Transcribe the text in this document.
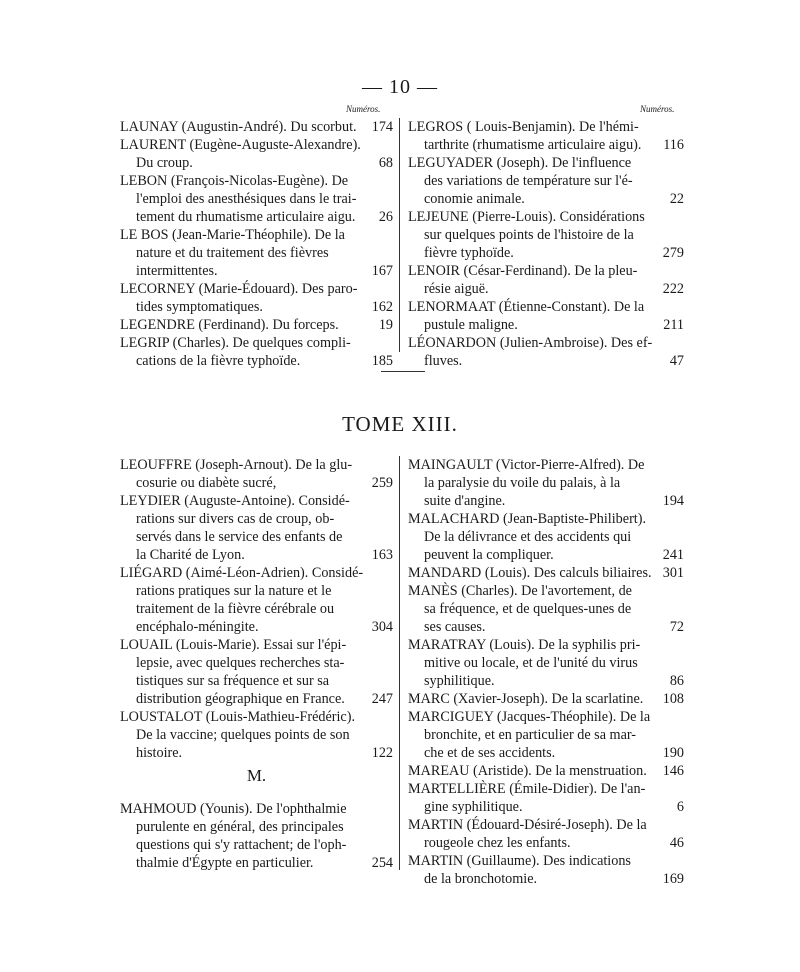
— 10 —
Numéros.	Numéros.
LAUNAY (Augustin-André). Du scorbut.	174
LAURENT (Eugène-Auguste-Alexandre).
Du croup.	68
LEBON (François-Nicolas-Eugène). De
l'emploi des anesthésiques dans le trai-
tement du rhumatisme articulaire aigu.	26
LE BOS (Jean-Marie-Théophile). De la
nature et du traitement des fièvres
intermittentes.	167
LECORNEY (Marie-Édouard). Des paro-
tides symptomatiques.	162
LEGENDRE (Ferdinand). Du forceps.	19
LEGRIP (Charles). De quelques compli-
cations de la fièvre typhoïde.	185
LEGROS ( Louis-Benjamin). De l'hémi-
tarthrite (rhumatisme articulaire aigu).	116
LEGUYADER (Joseph). De l'influence
des variations de température sur l'é-
conomie animale.	22
LEJEUNE (Pierre-Louis). Considérations
sur quelques points de l'histoire de la
fièvre typhoïde.	279
LENOIR (César-Ferdinand). De la pleu-
résie aiguë.	222
LENORMAAT (Étienne-Constant). De la
pustule maligne.	211
LÉONARDON (Julien-Ambroise). Des ef-
fluves.	47
TOME XIII.
LEOUFFRE (Joseph-Arnout). De la glu-
cosurie ou diabète sucré,	259
LEYDIER (Auguste-Antoine). Considé-
rations sur divers cas de croup, ob-
servés dans le service des enfants de
la Charité de Lyon.	163
LIÉGARD (Aimé-Léon-Adrien). Considé-
rations pratiques sur la nature et le
traitement de la fièvre cérébrale ou
encéphalo-méningite.	304
LOUAIL (Louis-Marie). Essai sur l'épi-
lepsie, avec quelques recherches sta-
tistiques sur sa fréquence et sur sa
distribution géographique en France.	247
LOUSTALOT (Louis-Mathieu-Frédéric).
De la vaccine; quelques points de son
histoire.	122
M.
MAHMOUD (Younis). De l'ophthalmie
purulente en général, des principales
questions qui s'y rattachent; de l'oph-
thalmie d'Égypte en particulier.	254
MAINGAULT (Victor-Pierre-Alfred). De
la paralysie du voile du palais, à la
suite d'angine.	194
MALACHARD (Jean-Baptiste-Philibert).
De la délivrance et des accidents qui
peuvent la compliquer.	241
MANDARD (Louis). Des calculs biliaires. 301
MANÈS (Charles). De l'avortement, de
sa fréquence, et de quelques-unes de
ses causes.	72
MARATRAY (Louis). De la syphilis pri-
mitive ou locale, et de l'unité du virus
syphilitique.	86
MARC (Xavier-Joseph). De la scarlatine.	108
MARCIGUEY (Jacques-Théophile). De la
bronchite, et en particulier de sa mar-
che et de ses accidents.	190
MAREAU (Aristide). De la menstruation.	146
MARTELLIÈRE (Émile-Didier). De l'an-
gine syphilitique.	6
MARTIN (Édouard-Désiré-Joseph). De la
rougeole chez les enfants.	46
MARTIN (Guillaume). Des indications
de la bronchotomie.	169
